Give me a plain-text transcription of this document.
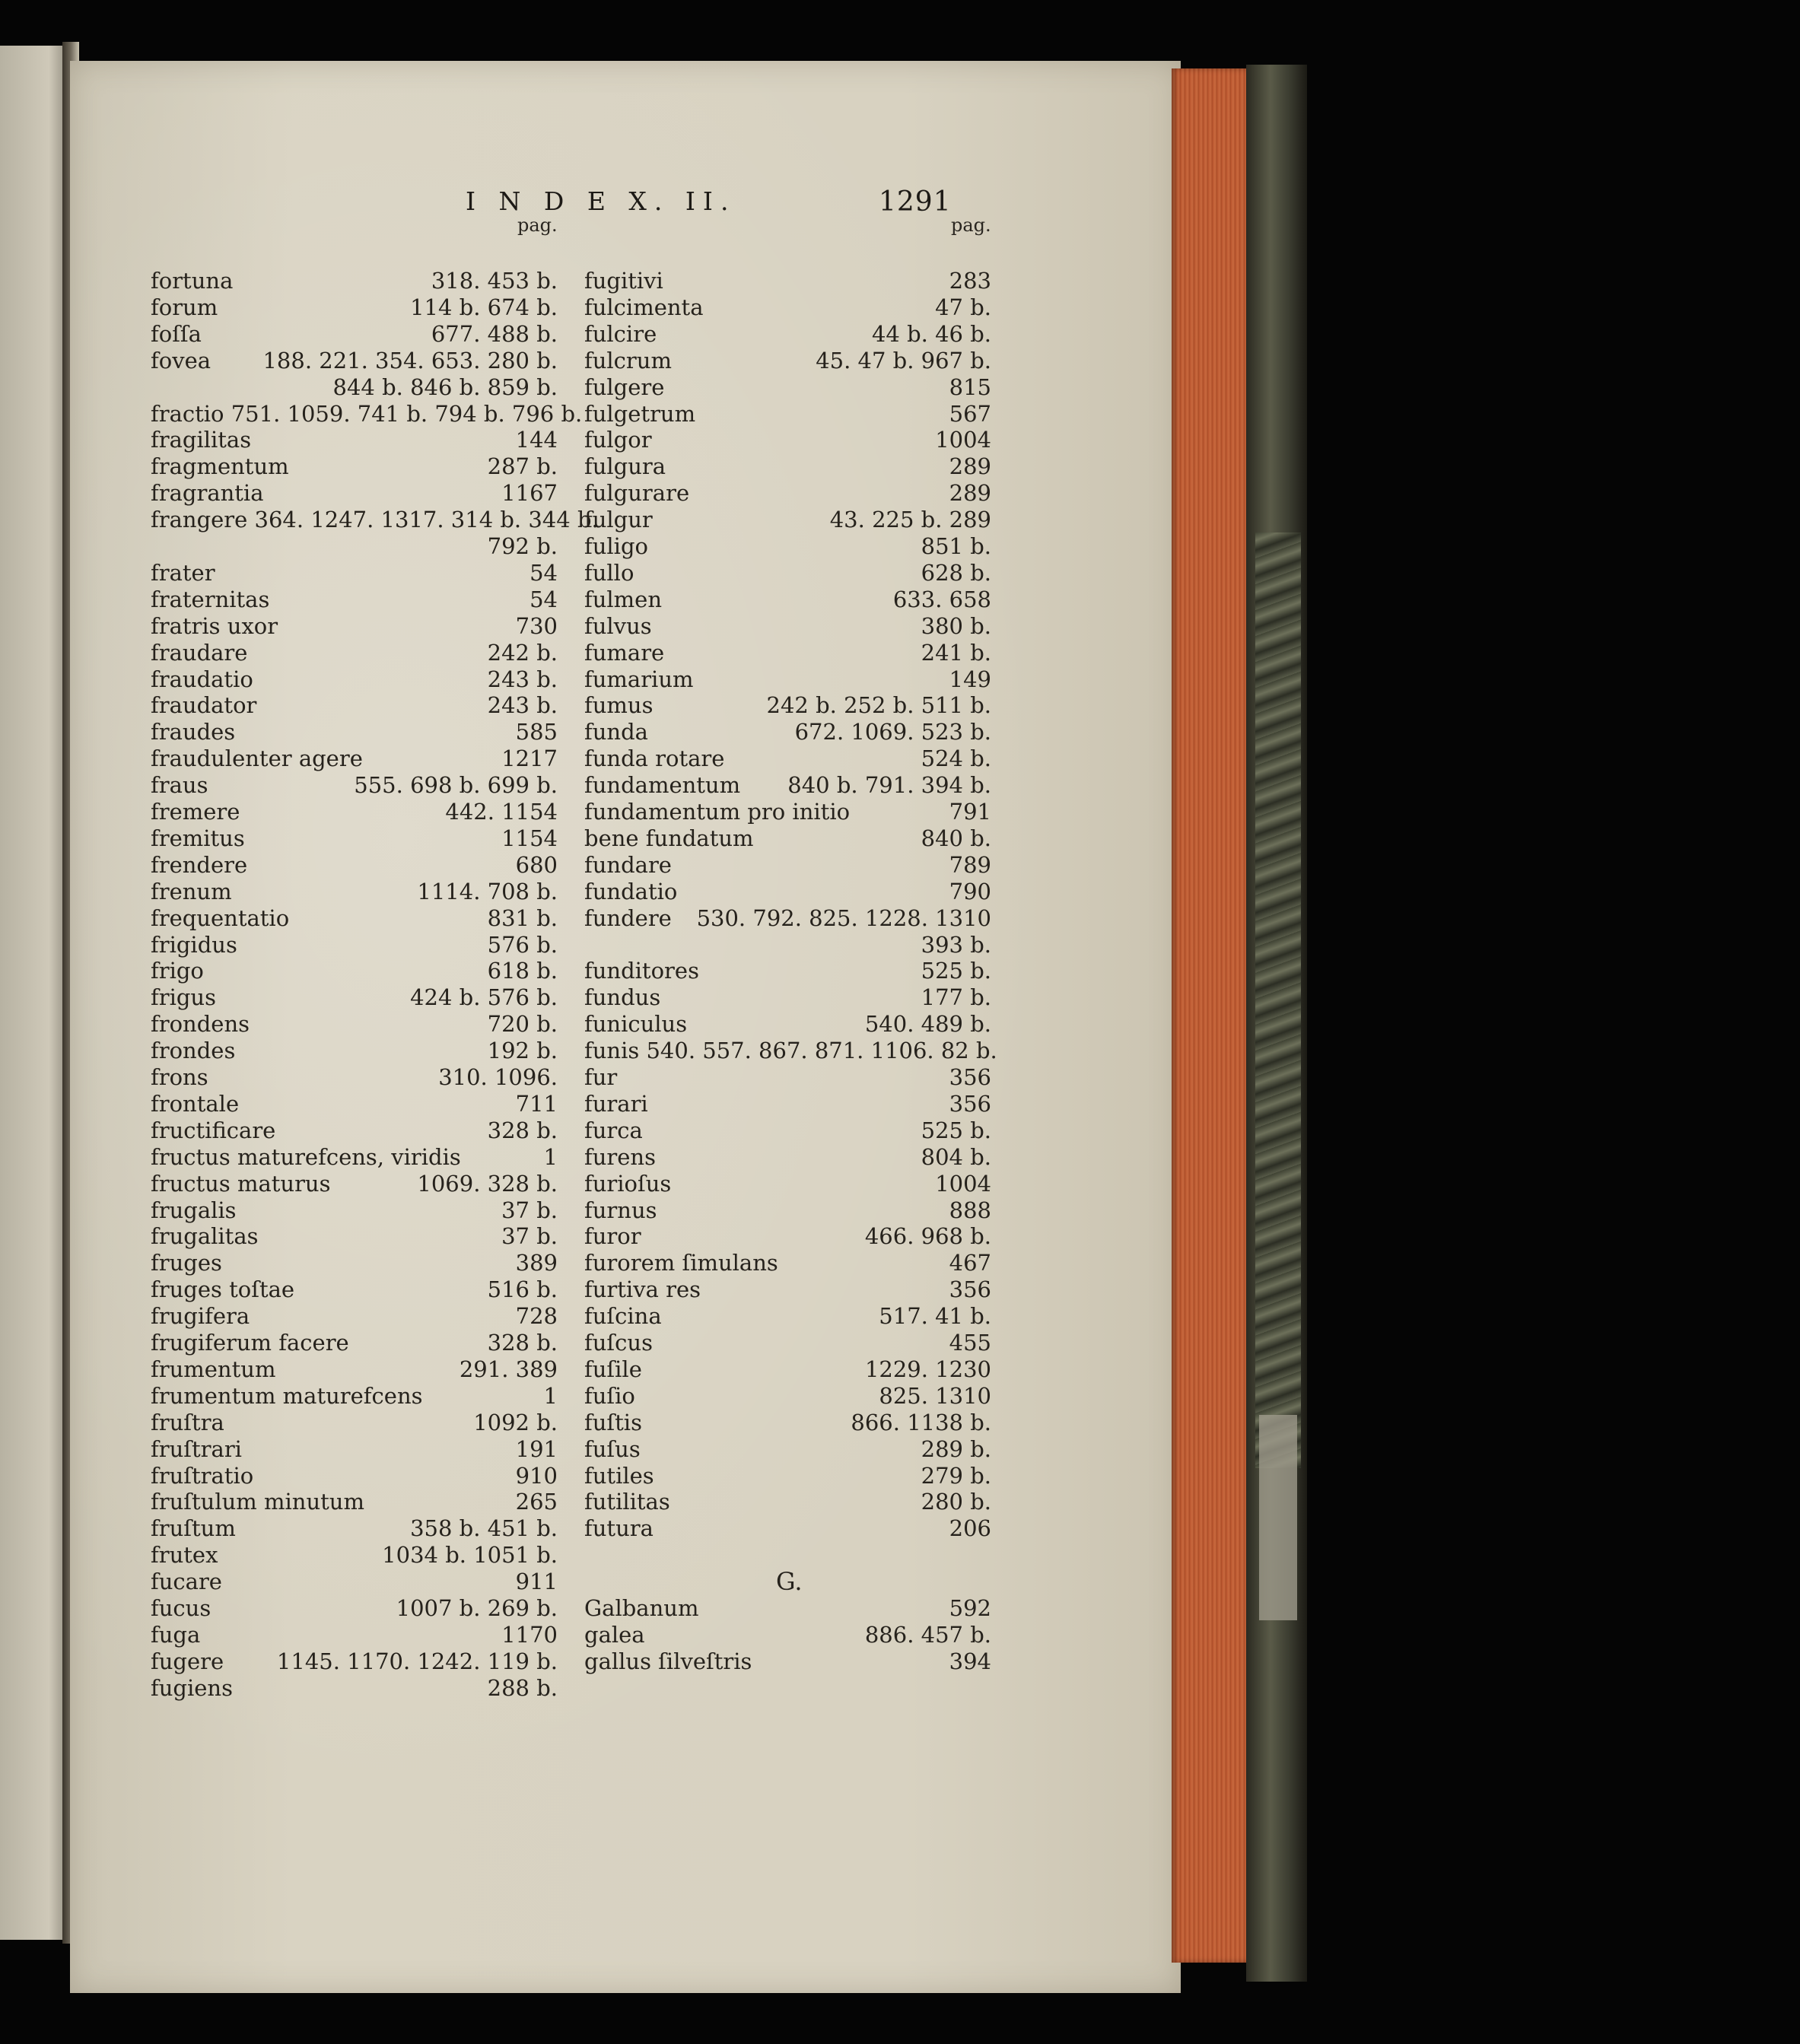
I N D E X. II.	1291
pag.	pag.
fortuna	318. 453 b.
forum	114 b. 674 b.
foſſa	677. 488 b.
fovea 188. 221. 354. 653. 280 b.
844 b. 846 b. 859 b.
fractio 751. 1059. 741 b. 794 b. 796 b.
fragilitas	144
fragmentum	287 b.
fragrantia	1167
frangere 364. 1247. 1317. 314 b. 344 b.
792 b.
frater	54
fraternitas	54
fratris uxor	730
fraudare	242 b.
fraudatio	243 b.
fraudator	243 b.
fraudes	585
fraudulenter agere	1217
fraus	555. 698 b. 699 b.
fremere	442. 1154
fremitus	1154
frendere	680
frenum	1114. 708 b.
frequentatio	831 b.
frigidus	576 b.
frigo	618 b.
frigus	424 b. 576 b.
frondens	720 b.
frondes	192 b.
frons	310. 1096.
frontale	711
fructificare	328 b.
fructus maturefcens, viridis	1
fructus maturus	1069. 328 b.
frugalis	37 b.
frugalitas	37 b.
fruges	389
fruges toſtae	516 b.
frugifera	728
frugiferum facere	328 b.
frumentum	291. 389
frumentum maturefcens	1
fruſtra	1092 b.
fruſtrari	191
fruſtratio	910
fruſtulum minutum	265
fruſtum	358 b. 451 b.
frutex	1034 b. 1051 b.
fucare	911
fucus	1007 b. 269 b.
fuga	1170
fugere 1145. 1170. 1242. 119 b.
fugiens	288 b.
fugitivi	283
fulcimenta	47 b.
fulcire	44 b. 46 b.
fulcrum	45. 47 b. 967 b.
fulgere	815
fulgetrum	567
fulgor	1004
fulgura	289
fulgurare	289
fulgur	43. 225 b. 289
fuligo	851 b.
fullo	628 b.
fulmen	633. 658
fulvus	380 b.
fumare	241 b.
fumarium	149
fumus	242 b. 252 b. 511 b.
funda	672. 1069. 523 b.
funda rotare	524 b.
fundamentum 840 b. 791. 394 b.
fundamentum pro initio	791
bene fundatum	840 b.
fundare	789
fundatio	790
fundere 530. 792. 825. 1228. 1310
393 b.
funditores	525 b.
fundus	177 b.
funiculus	540. 489 b.
funis 540. 557. 867. 871. 1106. 82 b.
fur	356
furari	356
furca	525 b.
furens	804 b.
furioſus	1004
furnus	888
furor	466. 968 b.
furorem ſimulans	467
furtiva res	356
fuſcina	517. 41 b.
fuſcus	455
fuſile	1229. 1230
fuſio	825. 1310
fuſtis	866. 1138 b.
fuſus	289 b.
futiles	279 b.
futilitas	280 b.
futura	206
Galbanum	592
galea	886. 457 b.
gallus ſilveſtris	394
G.
